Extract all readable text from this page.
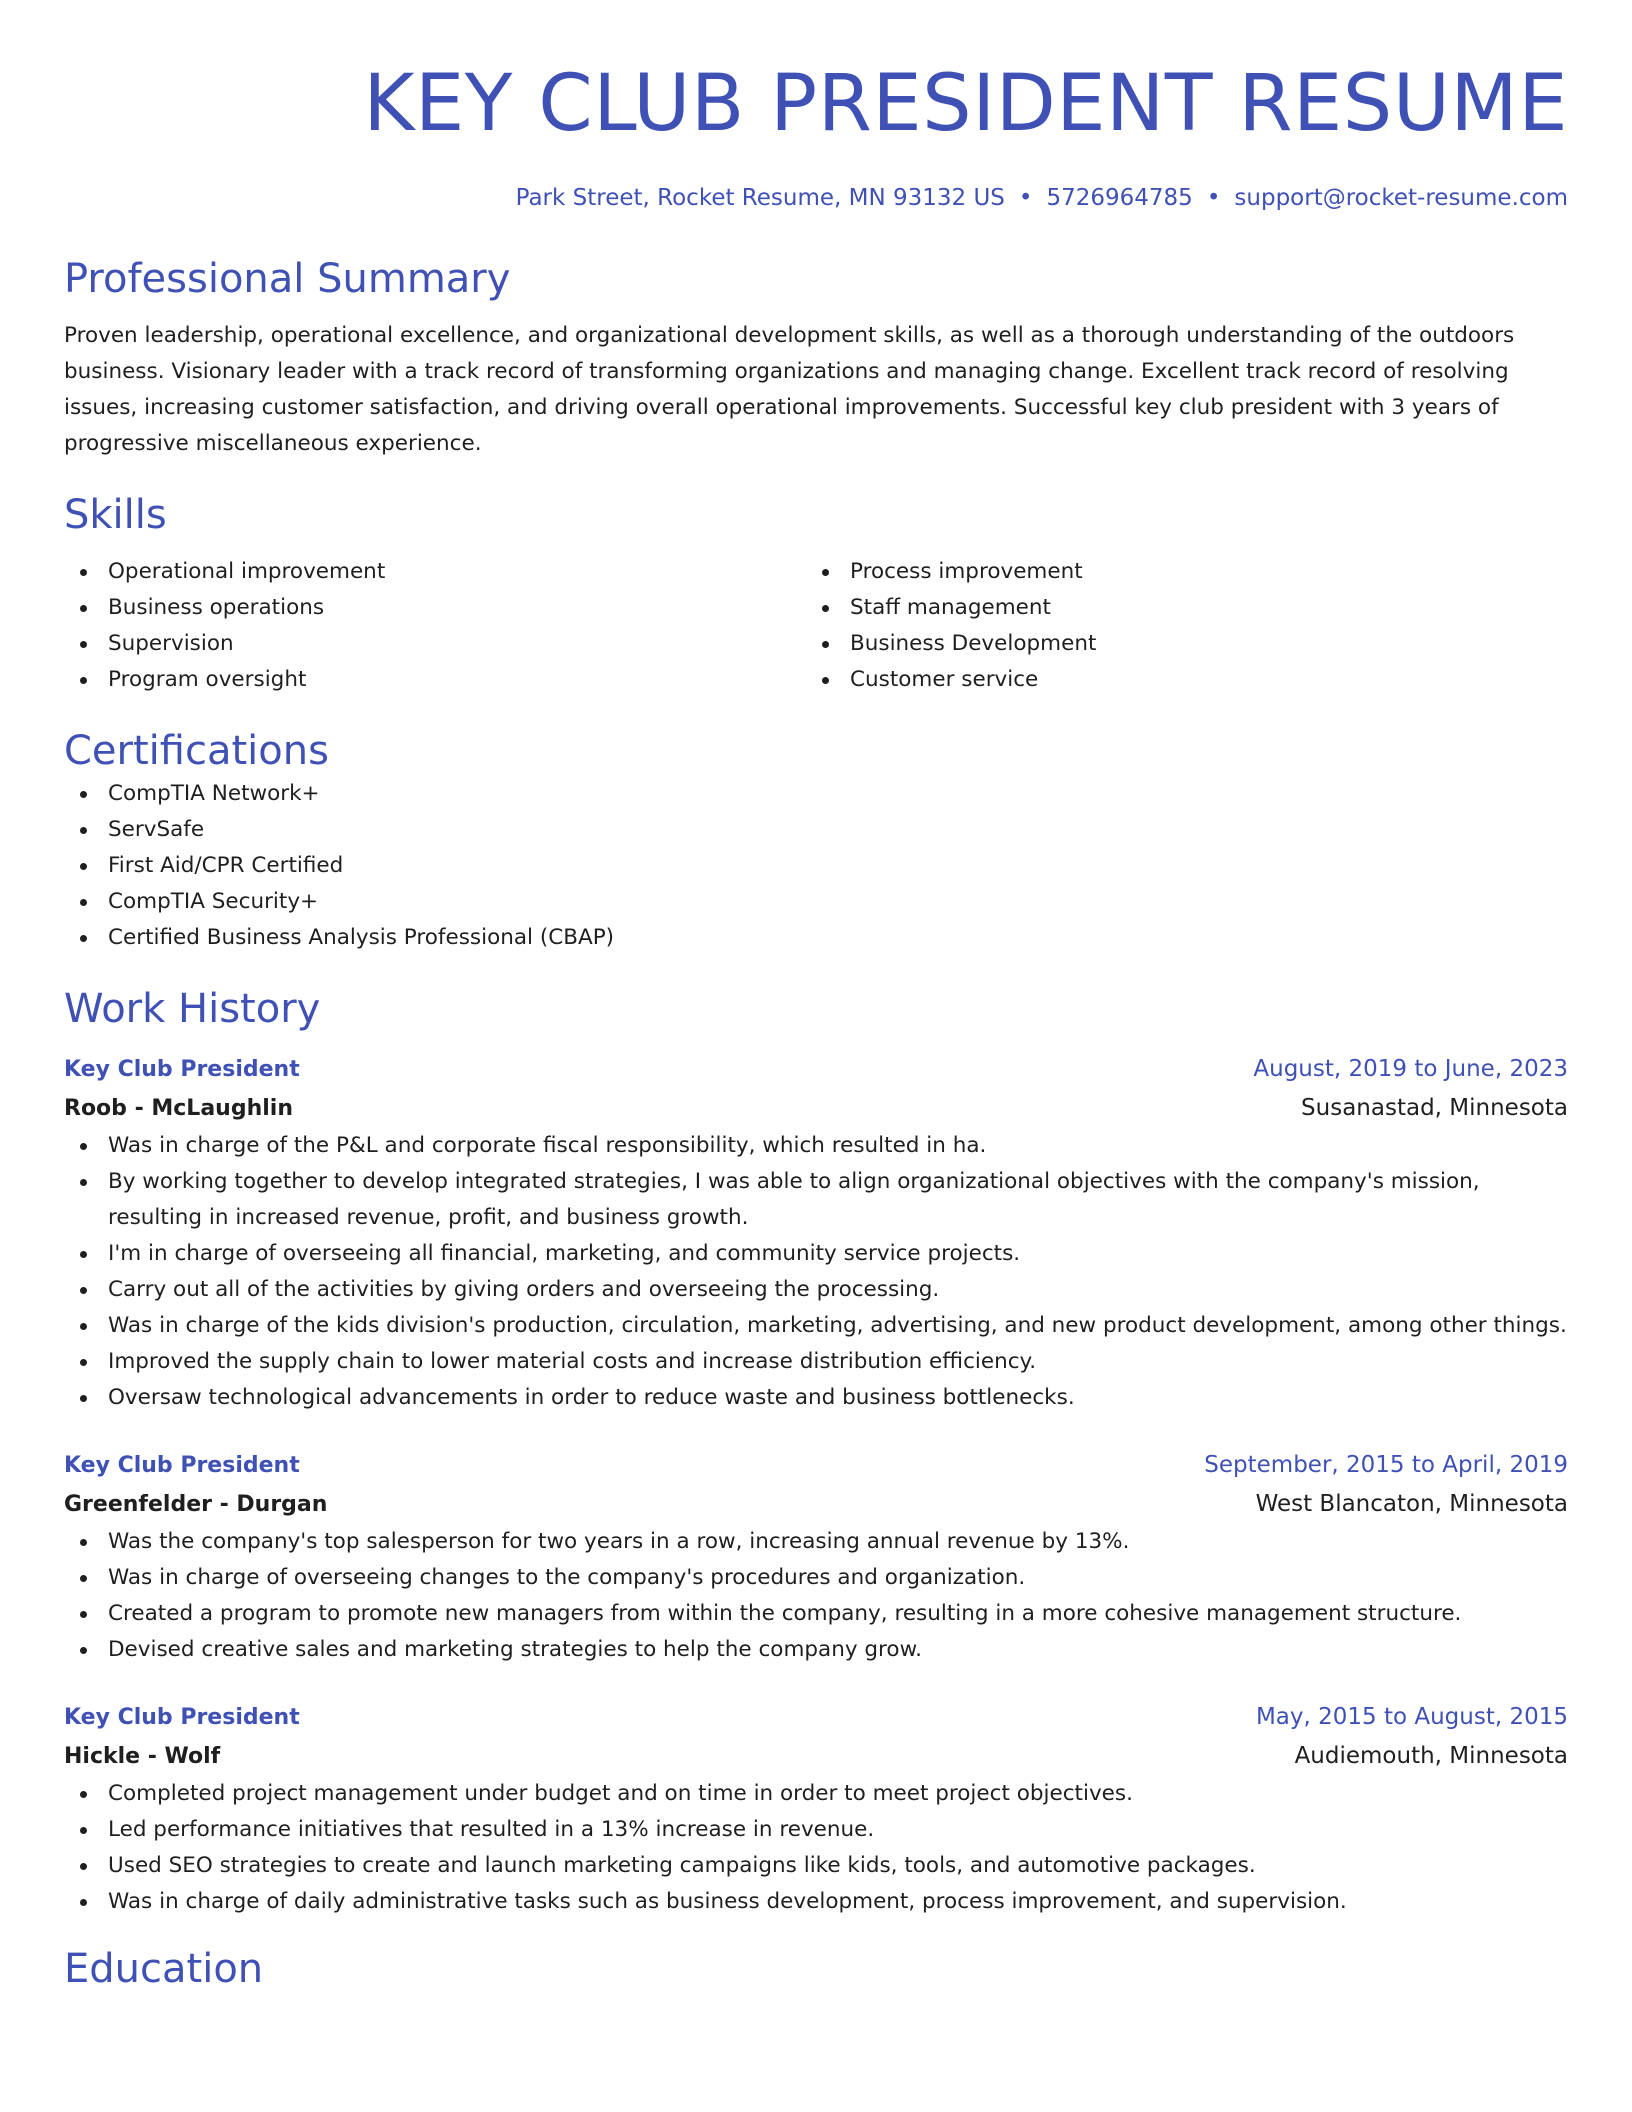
KEY CLUB PRESIDENT RESUME
Park Street, Rocket Resume, MN 93132 US • 5726964785 • support@rocket-resume.com
Professional Summary
Proven leadership, operational excellence, and organizational development skills, as well as a thorough understanding of the outdoors business. Visionary leader with a track record of transforming organizations and managing change. Excellent track record of resolving issues, increasing customer satisfaction, and driving overall operational improvements. Successful key club president with 3 years of progressive miscellaneous experience.
Skills
Operational improvement
Business operations
Supervision
Program oversight
Process improvement
Staff management
Business Development
Customer service
Certifications
CompTIA Network+
ServSafe
First Aid/CPR Certified
CompTIA Security+
Certified Business Analysis Professional (CBAP)
Work History
Key Club President	August, 2019 to June, 2023
Roob - McLaughlin	Susanastad, Minnesota
Was in charge of the P&L and corporate fiscal responsibility, which resulted in ha.
By working together to develop integrated strategies, I was able to align organizational objectives with the company's mission, resulting in increased revenue, profit, and business growth.
I'm in charge of overseeing all financial, marketing, and community service projects.
Carry out all of the activities by giving orders and overseeing the processing.
Was in charge of the kids division's production, circulation, marketing, advertising, and new product development, among other things.
Improved the supply chain to lower material costs and increase distribution efficiency.
Oversaw technological advancements in order to reduce waste and business bottlenecks.
Key Club President	September, 2015 to April, 2019
Greenfelder - Durgan	West Blancaton, Minnesota
Was the company's top salesperson for two years in a row, increasing annual revenue by 13%.
Was in charge of overseeing changes to the company's procedures and organization.
Created a program to promote new managers from within the company, resulting in a more cohesive management structure.
Devised creative sales and marketing strategies to help the company grow.
Key Club President	May, 2015 to August, 2015
Hickle - Wolf	Audiemouth, Minnesota
Completed project management under budget and on time in order to meet project objectives.
Led performance initiatives that resulted in a 13% increase in revenue.
Used SEO strategies to create and launch marketing campaigns like kids, tools, and automotive packages.
Was in charge of daily administrative tasks such as business development, process improvement, and supervision.
Education
